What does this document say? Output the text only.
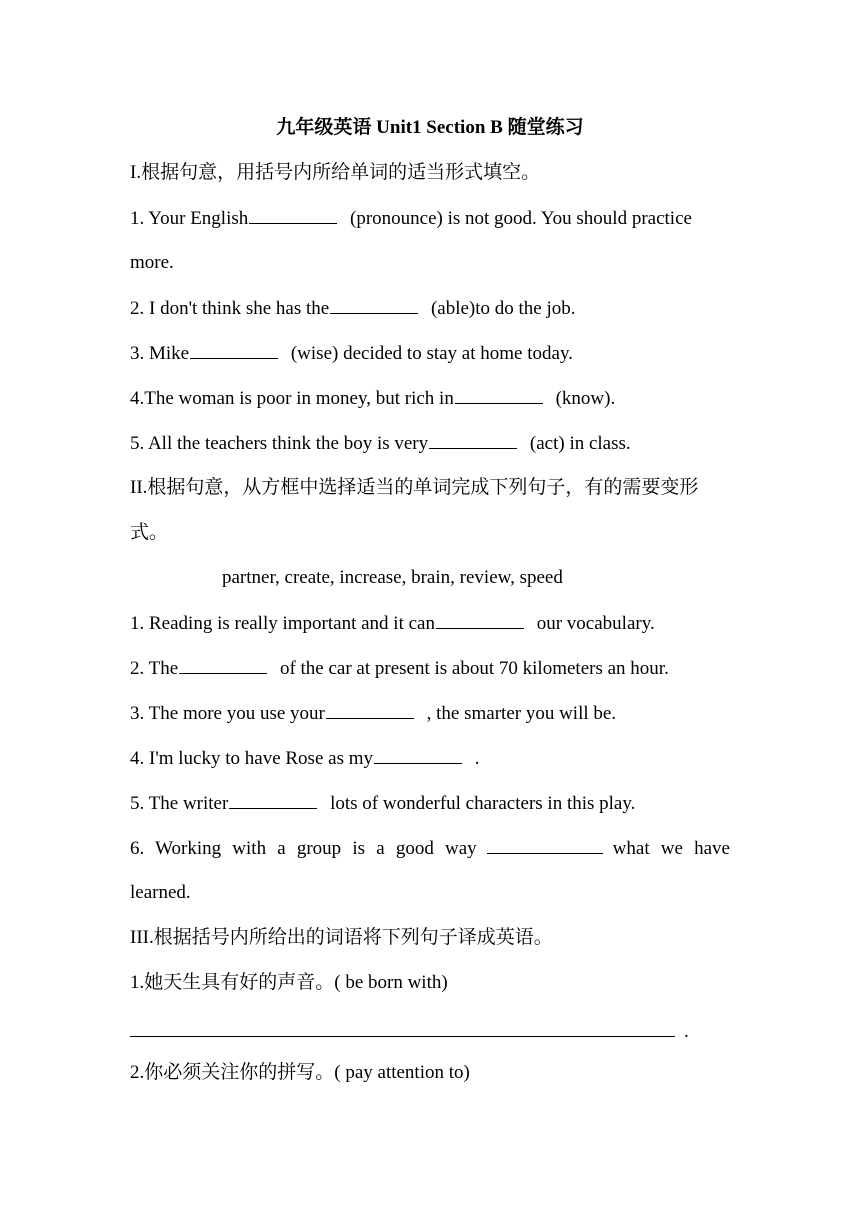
九年级英语 Unit1 Section B 随堂练习
I.根据句意，用括号内所给单词的适当形式填空。
1. Your English	(pronounce) is not good. You should practice
more.
2. I don't think she has the	(able)to do the job.
3. Mike	(wise) decided to stay at home today.
4.The woman is poor in money, but rich in	(know).
5. All the teachers think the boy is very	(act) in class.
II.根据句意，从方框中选择适当的单词完成下列句子，有的需要变形
式。
partner, create, increase, brain, review, speed
1. Reading is really important and it can	our vocabulary.
2. The	of the car at present is about 70 kilometers an hour.
3. The more you use your	, the smarter you will be.
4. I'm lucky to have Rose as my	.
5. The writer	lots of wonderful characters in this play.
6. Working with a group is a good way	what we have
learned.
III.根据括号内所给出的词语将下列句子译成英语。
1.她天生具有好的声音。( be born with)
.
2.你必须关注你的拼写。( pay attention to)
